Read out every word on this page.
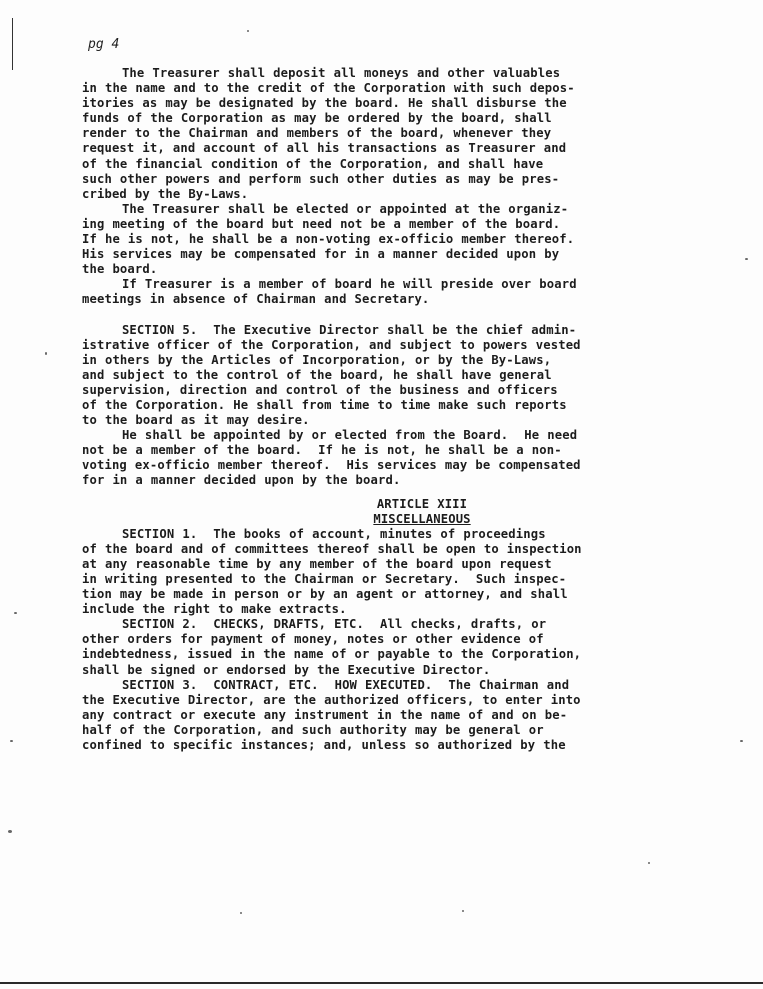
pg 4

The Treasurer shall deposit all moneys and other valuables
in the name and to the credit of the Corporation with such depos-
itories as may be designated by the board. He shall disburse the
funds of the Corporation as may be ordered by the board, shall
render to the Chairman and members of the board, whenever they
request it, and account of all his transactions as Treasurer and
of the financial condition of the Corporation, and shall have
such other powers and perform such other duties as may be pres-
cribed by the By-Laws.

The Treasurer shall be elected or appointed at the organiz-
ing meeting of the board but need not be a member of the board.
If he is not, he shall be a non-voting ex-officio member thereof.
His services may be compensated for in a manner decided upon by
the board.

If Treasurer is a member of board he will preside over board
meetings in absence of Chairman and Secretary.

SECTION 5.  The Executive Director shall be the chief admin-
istrative officer of the Corporation, and subject to powers vested
in others by the Articles of Incorporation, or by the By-Laws,
and subject to the control of the board, he shall have general
supervision, direction and control of the business and officers
of the Corporation. He shall from time to time make such reports
to the board as it may desire.

He shall be appointed by or elected from the Board.  He need
not be a member of the board.  If he is not, he shall be a non-
voting ex-officio member thereof.  His services may be compensated
for in a manner decided upon by the board.

ARTICLE XIII

MISCELLANEOUS

SECTION 1.  The books of account, minutes of proceedings
of the board and of committees thereof shall be open to inspection
at any reasonable time by any member of the board upon request
in writing presented to the Chairman or Secretary.  Such inspec-
tion may be made in person or by an agent or attorney, and shall
include the right to make extracts.

SECTION 2.  CHECKS, DRAFTS, ETC.  All checks, drafts, or
other orders for payment of money, notes or other evidence of
indebtedness, issued in the name of or payable to the Corporation,
shall be signed or endorsed by the Executive Director.

SECTION 3.  CONTRACT, ETC.  HOW EXECUTED.  The Chairman and
the Executive Director, are the authorized officers, to enter into
any contract or execute any instrument in the name of and on be-
half of the Corporation, and such authority may be general or
confined to specific instances; and, unless so authorized by the
